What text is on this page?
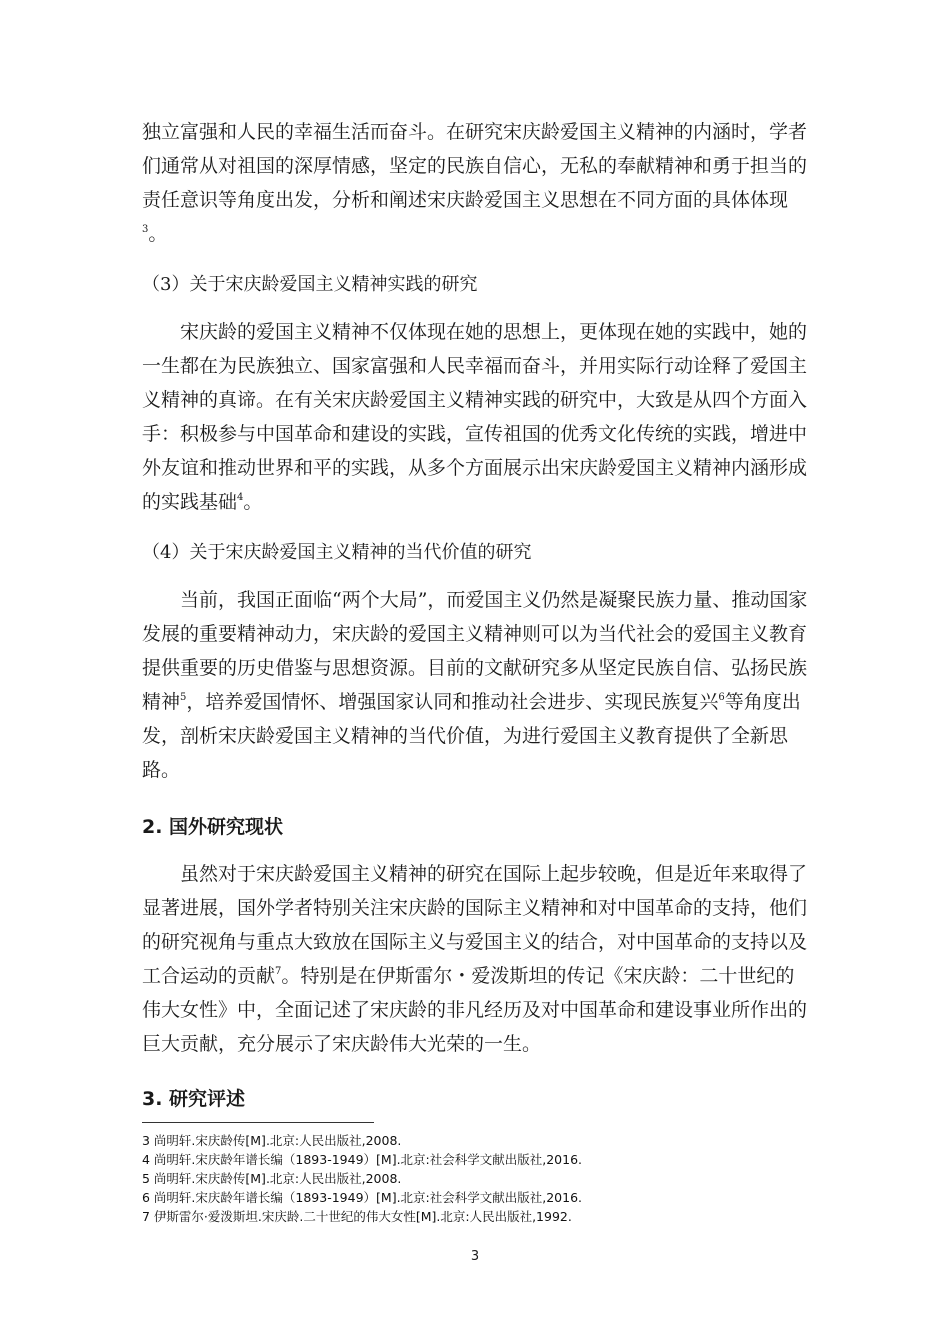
独立富强和人民的幸福生活而奋斗。在研究宋庆龄爱国主义精神的内涵时，学者们通常从对祖国的深厚情感，坚定的民族自信心，无私的奉献精神和勇于担当的责任意识等角度出发，分析和阐述宋庆龄爱国主义思想在不同方面的具体体现$^3$。

（3）关于宋庆龄爱国主义精神实践的研究

宋庆龄的爱国主义精神不仅体现在她的思想上，更体现在她的实践中，她的一生都在为民族独立、国家富强和人民幸福而奋斗，并用实际行动诠释了爱国主义精神的真谛。在有关宋庆龄爱国主义精神实践的研究中，大致是从四个方面入手：积极参与中国革命和建设的实践，宣传祖国的优秀文化传统的实践，增进中外友谊和推动世界和平的实践，从多个方面展示出宋庆龄爱国主义精神内涵形成的实践基础$^4$。

（4）关于宋庆龄爱国主义精神的当代价值的研究

当前，我国正面临“两个大局”，而爱国主义仍然是凝聚民族力量、推动国家发展的重要精神动力，宋庆龄的爱国主义精神则可以为当代社会的爱国主义教育提供重要的历史借鉴与思想资源。目前的文献研究多从坚定民族自信、弘扬民族精神$^5$，培养爱国情怀、增强国家认同和推动社会进步、实现民族复兴$^6$等角度出发，剖析宋庆龄爱国主义精神的当代价值，为进行爱国主义教育提供了全新思路。

2. 国外研究现状

虽然对于宋庆龄爱国主义精神的研究在国际上起步较晚，但是近年来取得了显著进展，国外学者特别关注宋庆龄的国际主义精神和对中国革命的支持，他们的研究视角与重点大致放在国际主义与爱国主义的结合，对中国革命的支持以及工合运动的贡献$^7$。特别是在伊斯雷尔・爱泼斯坦的传记《宋庆龄：二十世纪的伟大女性》中，全面记述了宋庆龄的非凡经历及对中国革命和建设事业所作出的巨大贡献，充分展示了宋庆龄伟大光荣的一生。

3. 研究评述

3 尚明轩.宋庆龄传[M].北京:人民出版社,2008.

4 尚明轩.宋庆龄年谱长编（1893-1949）[M].北京:社会科学文献出版社,2016.

5 尚明轩.宋庆龄传[M].北京:人民出版社,2008.

6 尚明轩.宋庆龄年谱长编（1893-1949）[M].北京:社会科学文献出版社,2016.

7 伊斯雷尔·爱泼斯坦.宋庆龄.二十世纪的伟大女性[M].北京:人民出版社,1992.

3
